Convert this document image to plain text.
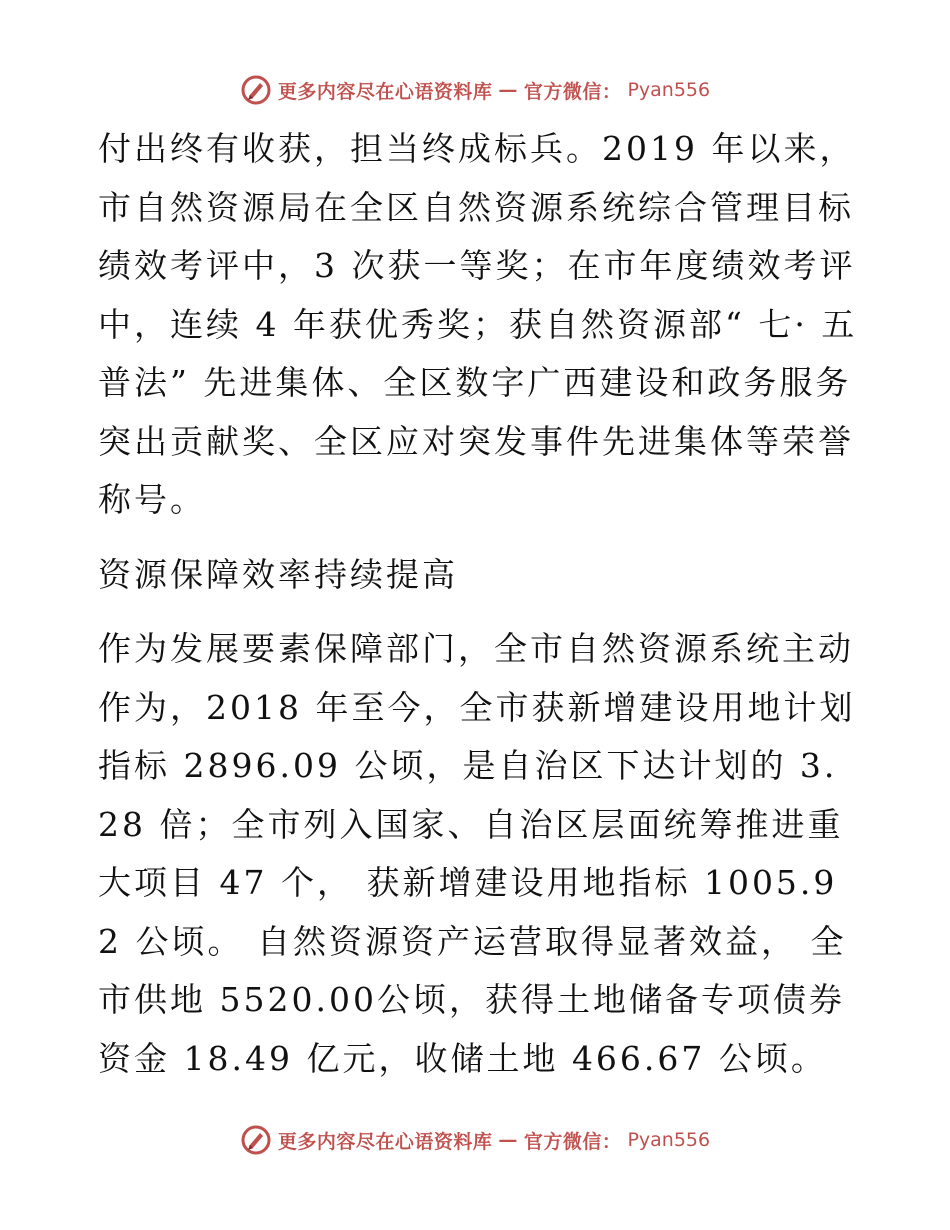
更多内容尽在心语资料库 — 官方微信： Pyan556

付出终有收获，担当终成标兵。2019 年以来，市自然资源局在全区自然资源系统综合管理目标绩效考评中，3 次获一等奖；在市年度绩效考评中，连续 4 年获优秀奖；获自然资源部“ 七· 五普法” 先进集体、全区数字广西建设和政务服务突出贡献奖、全区应对突发事件先进集体等荣誉称号。

资源保障效率持续提高

作为发展要素保障部门，全市自然资源系统主动作为，2018 年至今，全市获新增建设用地计划指标 2896.09 公顷，是自治区下达计划的 3.28 倍；全市列入国家、自治区层面统筹推进重大项目 47 个， 获新增建设用地指标 1005.92 公顷。 自然资源资产运营取得显著效益， 全市供地 5520.00公顷，获得土地储备专项债券资金 18.49 亿元，收储土地 466.67 公顷。

更多内容尽在心语资料库 — 官方微信： Pyan556
